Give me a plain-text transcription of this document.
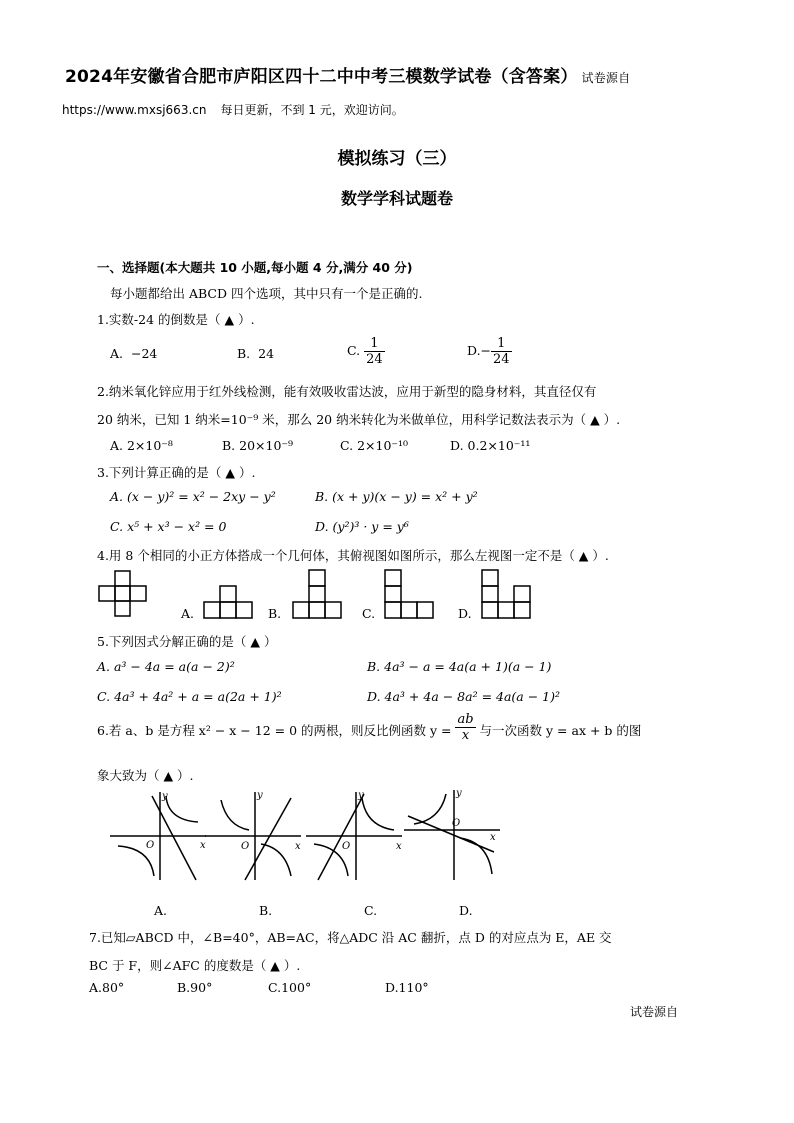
2024年安徽省合肥市庐阳区四十二中中考三模数学试卷（含答案） 试卷源自
https://www.mxsj663.cn 每日更新，不到 1 元，欢迎访问。
模拟练习（三）
数学学科试题卷
一、选择题(本大题共 10 小题,每小题 4 分,满分 40 分)
每小题都给出 ABCD 四个选项，其中只有一个是正确的.
1.实数-24 的倒数是（ ▲ ）.
A. −24	B. 24	C. $\frac{1}{24}$	$D.- \frac{1}{24}$
2.纳米氧化锌应用于红外线检测，能有效吸收雷达波，应用于新型的隐身材料，其直径仅有
20 纳米，已知 1 纳米=10⁻⁹ 米，那么 20 纳米转化为米做单位，用科学记数法表示为（ ▲ ）.
A. 2×10⁻⁸	B. 20×10⁻⁹	C. 2×10⁻¹⁰	D. 0.2×10⁻¹¹
3.下列计算正确的是（ ▲ ）.
A. (x − y)² = x² − 2xy − y²	B. (x + y)(x − y) = x² + y²
C. x⁵ + x³ − x² = 0	D. (y²)³ · y = y⁶
4.用 8 个相同的小正方体搭成一个几何体，其俯视图如图所示，那么左视图一定不是（ ▲ ）.
A.	B.	C.	D.
5.下列因式分解正确的是（ ▲ ）
A. a³ − 4a = a(a − 2)²	B. 4a³ − a = 4a(a + 1)(a − 1)
C. 4a³ + 4a² + a = a(2a + 1)²	D. 4a³ + 4a − 8a² = 4a(a − 1)²
6.若 a、b 是方程 x² − x − 12 = 0 的两根，则反比例函数 $y = \frac{ab}{x}$ 与一次函数 y = ax + b 的图
象大致为（ ▲ ）.
y
O	x
y
O	x
y
O	x
y
O
x
A.	B.	C.	D.
7.已知▱ABCD 中，∠B=40°，AB=AC，将△ADC 沿 AC 翻折，点 D 的对应点为 E，AE 交
BC 于 F，则∠AFC 的度数是（ ▲ ）.
A.80°	B.90°	C.100°	D.110°
试卷源自
